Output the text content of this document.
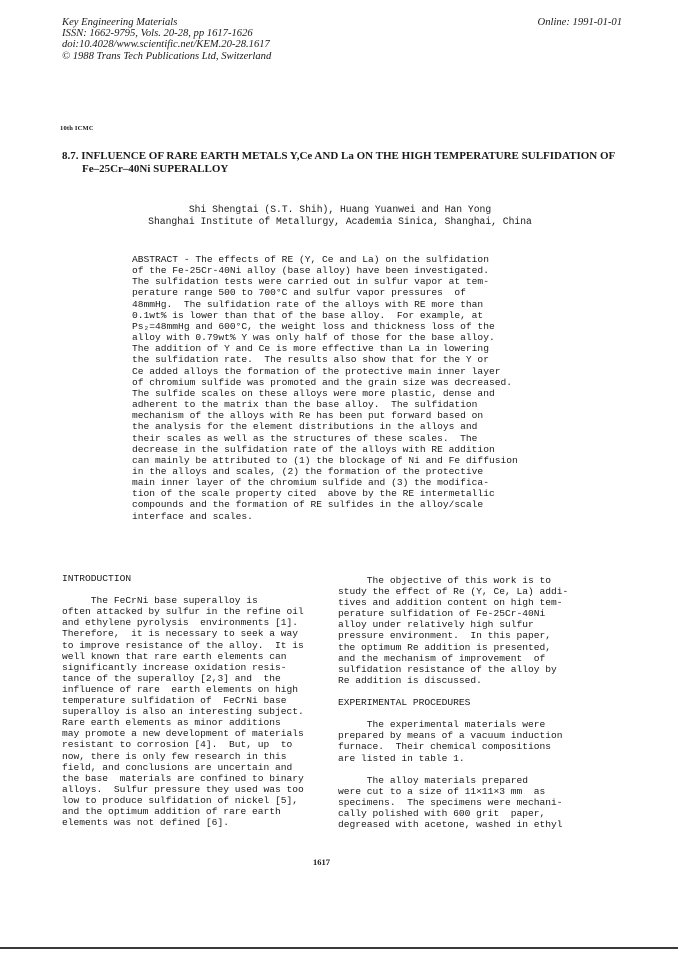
Key Engineering Materials
ISSN: 1662-9795, Vols. 20-28, pp 1617-1626
doi:10.4028/www.scientific.net/KEM.20-28.1617
© 1988 Trans Tech Publications Ltd, Switzerland
Online: 1991-01-01
10th ICMC
8.7. INFLUENCE OF RARE EARTH METALS Y,Ce AND La ON THE HIGH TEMPERATURE SULFIDATION OF
Fe–25Cr–40Ni SUPERALLOY
Shi Shengtai (S.T. Shih), Huang Yuanwei and Han Yong
Shanghai Institute of Metallurgy, Academia Sinica, Shanghai, China
ABSTRACT - The effects of RE (Y, Ce and La) on the sulfidation
of the Fe-25Cr-40Ni alloy (base alloy) have been investigated.
The sulfidation tests were carried out in sulfur vapor at tem-
perature range 500 to 700°C and sulfur vapor pressures  of
48mmHg.  The sulfidation rate of the alloys with RE more than
0.1wt% is lower than that of the base alloy.  For example, at
Ps₂=48mmHg and 600°C, the weight loss and thickness loss of the
alloy with 0.79wt% Y was only half of those for the base alloy.
The addition of Y and Ce is more effective than La in lowering
the sulfidation rate.  The results also show that for the Y or
Ce added alloys the formation of the protective main inner layer
of chromium sulfide was promoted and the grain size was decreased.
The sulfide scales on these alloys were more plastic, dense and
adherent to the matrix than the base alloy.  The sulfidation
mechanism of the alloys with Re has been put forward based on
the analysis for the element distributions in the alloys and
their scales as well as the structures of these scales.  The
decrease in the sulfidation rate of the alloys with RE addition
can mainly be attributed to (1) the blockage of Ni and Fe diffusion
in the alloys and scales, (2) the formation of the protective
main inner layer of the chromium sulfide and (3) the modifica-
tion of the scale property cited  above by the RE intermetallic
compounds and the formation of RE sulfides in the alloy/scale
interface and scales.
INTRODUCTION
The FeCrNi base superalloy is
often attacked by sulfur in the refine oil
and ethylene pyrolysis  environments [1].
Therefore,  it is necessary to seek a way
to improve resistance of the alloy.  It is
well known that rare earth elements can
significantly increase oxidation resis-
tance of the superalloy [2,3] and  the
influence of rare  earth elements on high
temperature sulfidation of  FeCrNi base
superalloy is also an interesting subject.
Rare earth elements as minor additions
may promote a new development of materials
resistant to corrosion [4].  But, up  to
now, there is only few research in this
field, and conclusions are uncertain and
the base  materials are confined to binary
alloys.  Sulfur pressure they used was too
low to produce sulfidation of nickel [5],
and the optimum addition of rare earth
elements was not defined [6].
The objective of this work is to
study the effect of Re (Y, Ce, La) addi-
tives and addition content on high tem-
perature sulfidation of Fe-25Cr-40Ni
alloy under relatively high sulfur
pressure environment.  In this paper,
the optimum Re addition is presented,
and the mechanism of improvement  of
sulfidation resistance of the alloy by
Re addition is discussed.
EXPERIMENTAL PROCEDURES
The experimental materials were
prepared by means of a vacuum induction
furnace.  Their chemical compositions
are listed in table 1.
The alloy materials prepared
were cut to a size of 11×11×3 mm  as
specimens.  The specimens were mechani-
cally polished with 600 grit  paper,
degreased with acetone, washed in ethyl
1617
